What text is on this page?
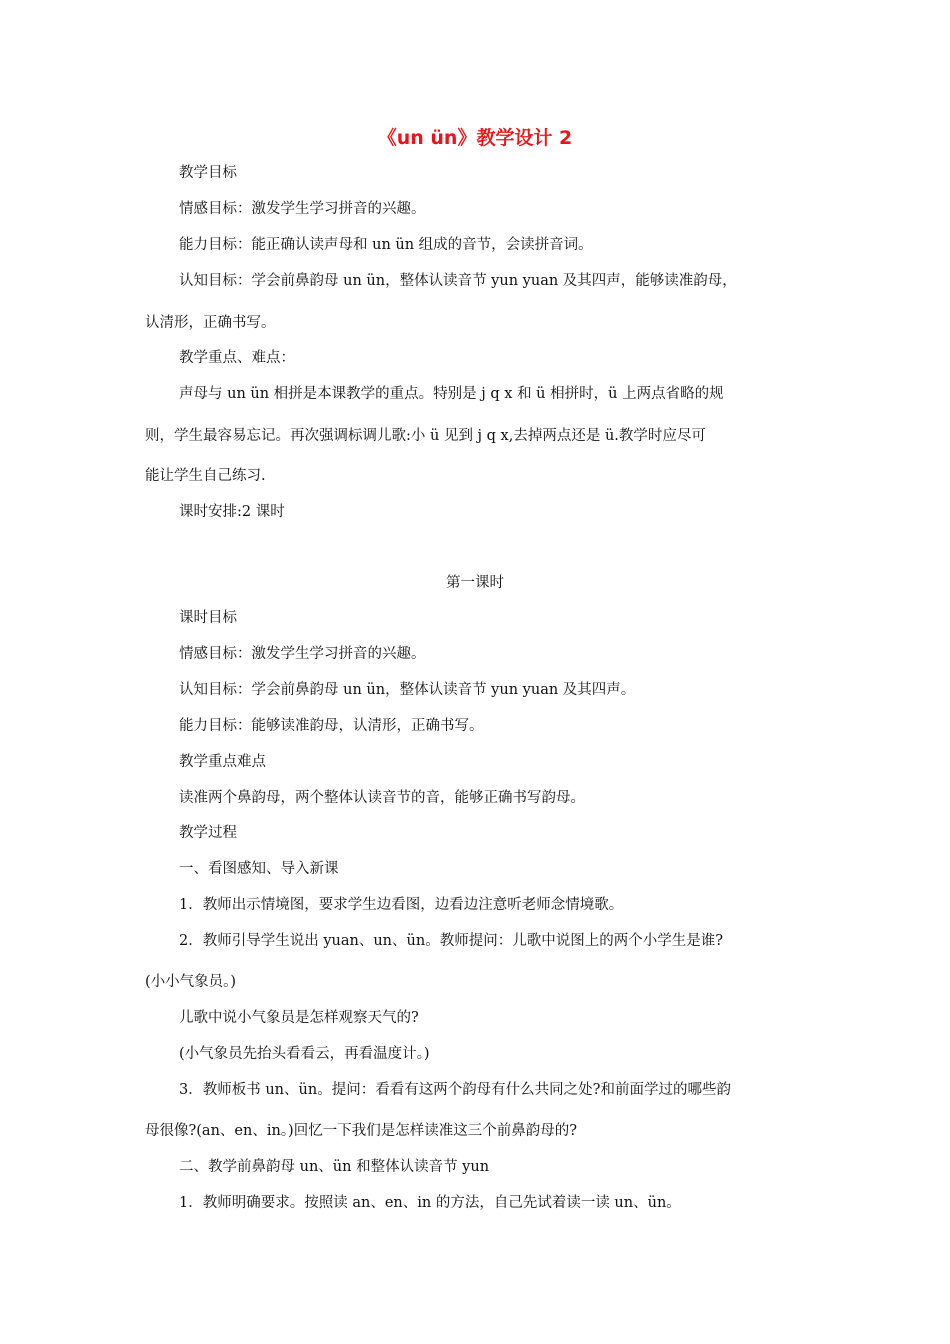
《un ün》教学设计 2
教学目标
情感目标：激发学生学习拼音的兴趣。
能力目标：能正确认读声母和 un ün 组成的音节，会读拼音词。
认知目标：学会前鼻韵母 un ün，整体认读音节 yun yuan 及其四声，能够读准韵母，
认清形，正确书写。
教学重点、难点：
声母与 un ün 相拼是本课教学的重点。特别是 j q x 和 ü 相拼时，ü 上两点省略的规
则，学生最容易忘记。再次强调标调儿歌:小 ü 见到 j q x,去掉两点还是 ü.教学时应尽可
能让学生自己练习.
课时安排:2 课时
第一课时
课时目标
情感目标：激发学生学习拼音的兴趣。
认知目标：学会前鼻韵母 un ün，整体认读音节 yun yuan 及其四声。
能力目标：能够读准韵母，认清形，正确书写。
教学重点难点
读准两个鼻韵母，两个整体认读音节的音，能够正确书写韵母。
教学过程
一、看图感知、导入新课
1．教师出示情境图，要求学生边看图，边看边注意听老师念情境歌。
2．教师引导学生说出 yuan、un、ün。教师提问：儿歌中说图上的两个小学生是谁?
(小小气象员。)
儿歌中说小气象员是怎样观察天气的?
(小气象员先抬头看看云，再看温度计。)
3．教师板书 un、ün。提问：看看有这两个韵母有什么共同之处?和前面学过的哪些韵
母很像?(an、en、in。)回忆一下我们是怎样读准这三个前鼻韵母的?
二、教学前鼻韵母 un、ün 和整体认读音节 yun
1．教师明确要求。按照读 an、en、in 的方法，自己先试着读一读 un、ün。
